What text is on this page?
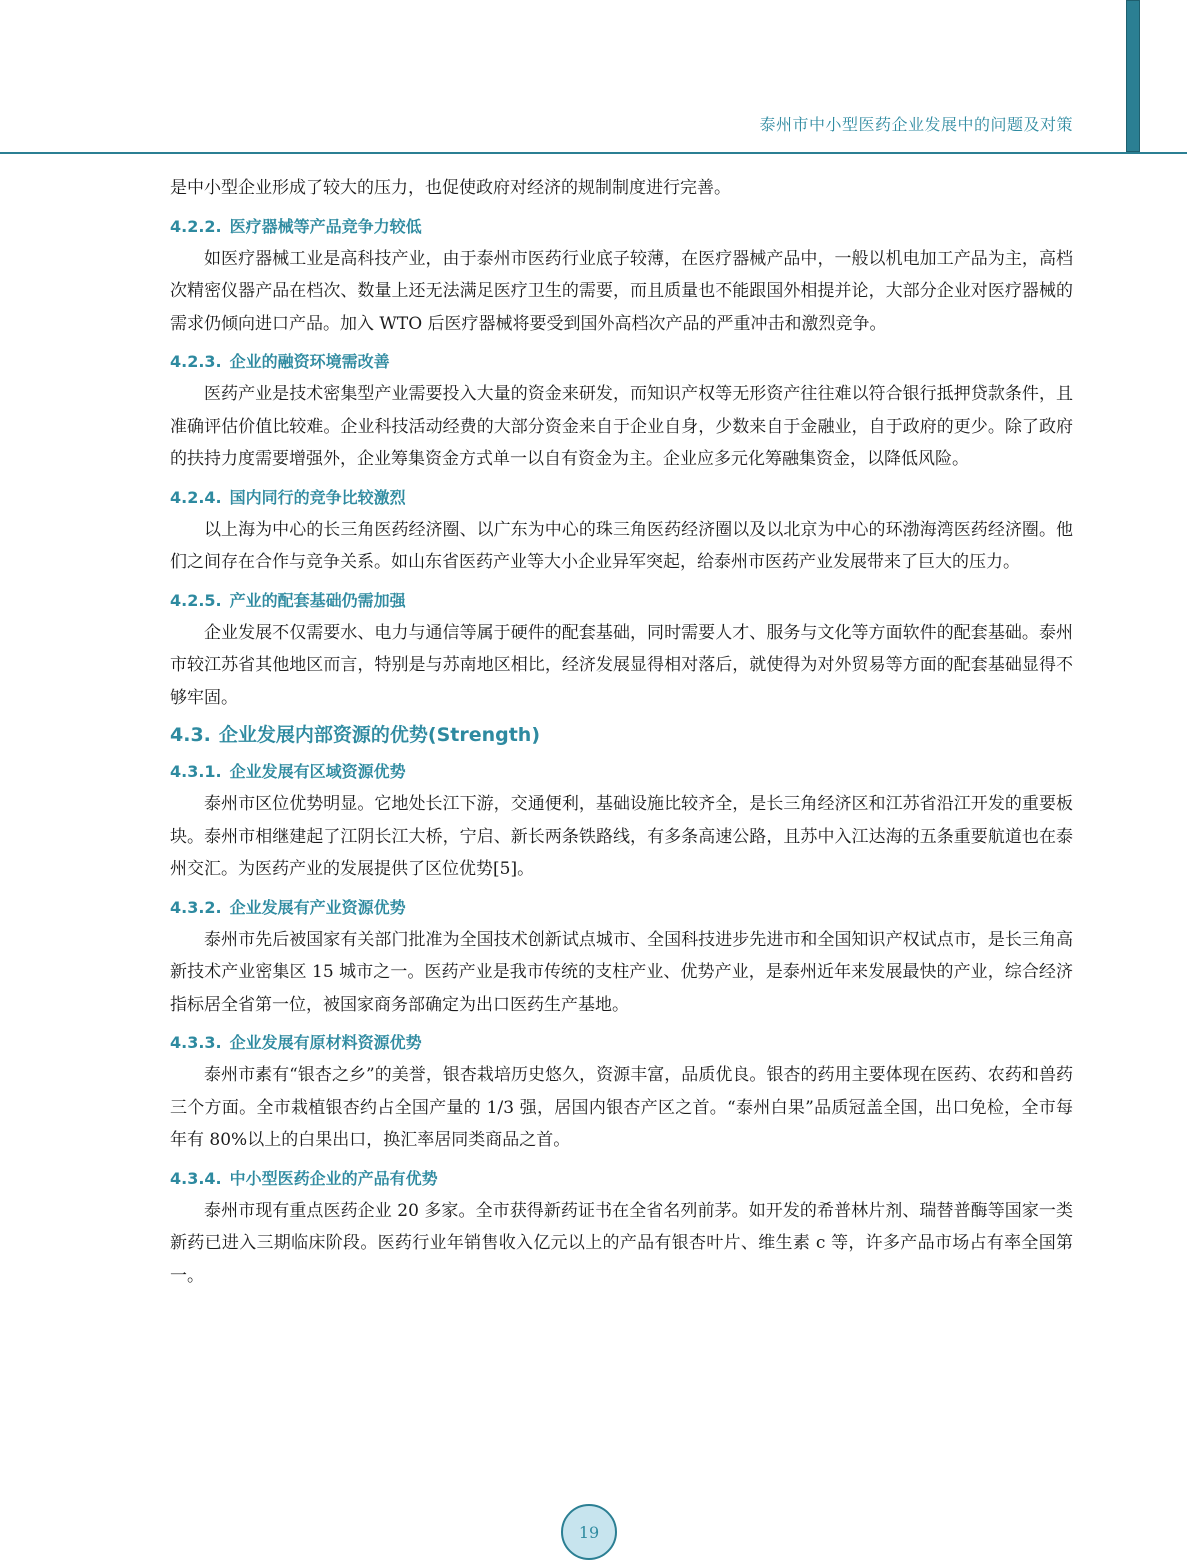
泰州市中小型医药企业发展中的问题及对策

是中小型企业形成了较大的压力，也促使政府对经济的规制制度进行完善。

4.2.2. 医疗器械等产品竞争力较低

如医疗器械工业是高科技产业，由于泰州市医药行业底子较薄，在医疗器械产品中，一般以机电加工产品为主，高档次精密仪器产品在档次、数量上还无法满足医疗卫生的需要，而且质量也不能跟国外相提并论，大部分企业对医疗器械的需求仍倾向进口产品。加入 WTO 后医疗器械将要受到国外高档次产品的严重冲击和激烈竞争。

4.2.3. 企业的融资环境需改善

医药产业是技术密集型产业需要投入大量的资金来研发，而知识产权等无形资产往往难以符合银行抵押贷款条件，且准确评估价值比较难。企业科技活动经费的大部分资金来自于企业自身，少数来自于金融业，自于政府的更少。除了政府的扶持力度需要增强外，企业筹集资金方式单一以自有资金为主。企业应多元化筹融集资金，以降低风险。

4.2.4. 国内同行的竞争比较激烈

以上海为中心的长三角医药经济圈、以广东为中心的珠三角医药经济圈以及以北京为中心的环渤海湾医药经济圈。他们之间存在合作与竞争关系。如山东省医药产业等大小企业异军突起，给泰州市医药产业发展带来了巨大的压力。

4.2.5. 产业的配套基础仍需加强

企业发展不仅需要水、电力与通信等属于硬件的配套基础，同时需要人才、服务与文化等方面软件的配套基础。泰州市较江苏省其他地区而言，特别是与苏南地区相比，经济发展显得相对落后，就使得为对外贸易等方面的配套基础显得不够牢固。

4.3. 企业发展内部资源的优势(Strength)
4.3.1. 企业发展有区域资源优势

泰州市区位优势明显。它地处长江下游，交通便利，基础设施比较齐全，是长三角经济区和江苏省沿江开发的重要板块。泰州市相继建起了江阴长江大桥，宁启、新长两条铁路线，有多条高速公路，且苏中入江达海的五条重要航道也在泰州交汇。为医药产业的发展提供了区位优势[5]。

4.3.2. 企业发展有产业资源优势

泰州市先后被国家有关部门批准为全国技术创新试点城市、全国科技进步先进市和全国知识产权试点市，是长三角高新技术产业密集区 15 城市之一。医药产业是我市传统的支柱产业、优势产业，是泰州近年来发展最快的产业，综合经济指标居全省第一位，被国家商务部确定为出口医药生产基地。

4.3.3. 企业发展有原材料资源优势

泰州市素有“银杏之乡”的美誉，银杏栽培历史悠久，资源丰富，品质优良。银杏的药用主要体现在医药、农药和兽药三个方面。全市栽植银杏约占全国产量的 1/3 强，居国内银杏产区之首。“泰州白果”品质冠盖全国，出口免检，全市每年有 80%以上的白果出口，换汇率居同类商品之首。

4.3.4. 中小型医药企业的产品有优势

泰州市现有重点医药企业 20 多家。全市获得新药证书在全省名列前茅。如开发的希普林片剂、瑞替普酶等国家一类新药已进入三期临床阶段。医药行业年销售收入亿元以上的产品有银杏叶片、维生素 c 等，许多产品市场占有率全国第一。

19
